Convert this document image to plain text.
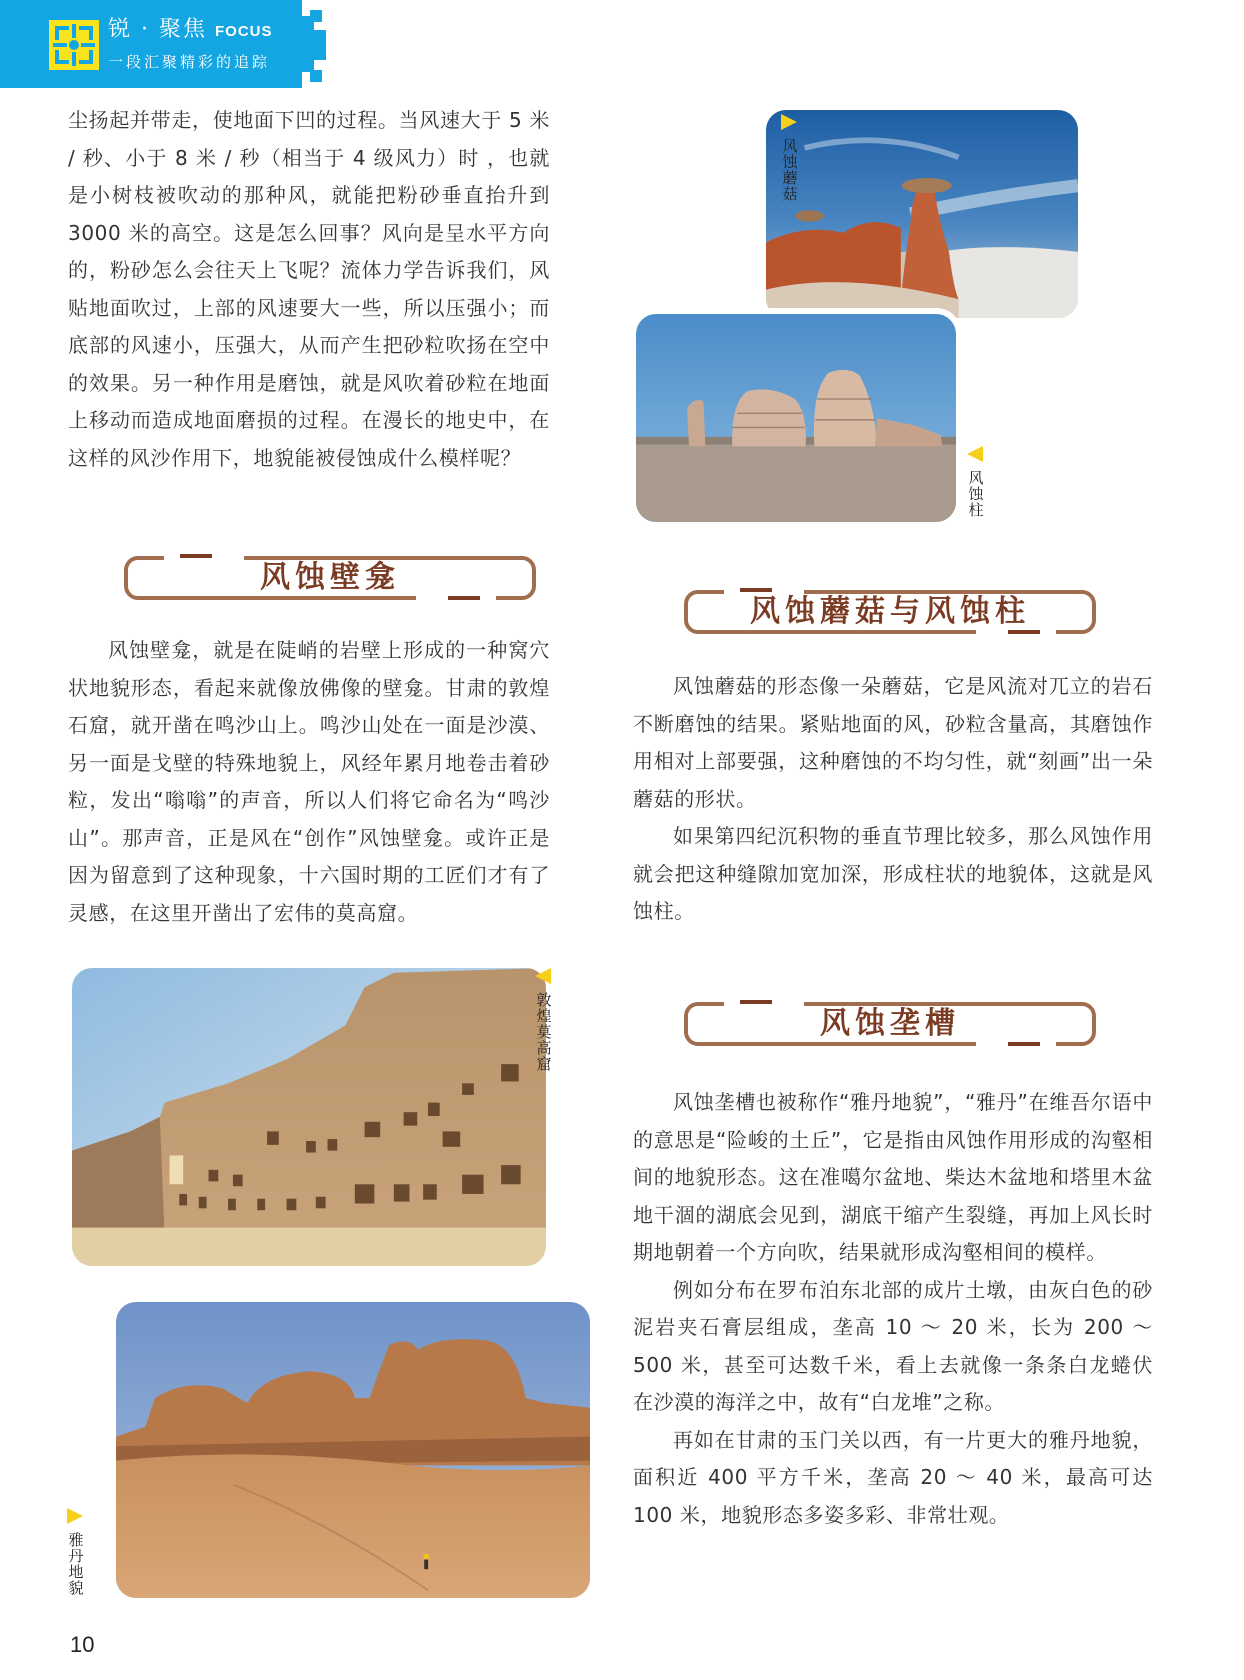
锐 · 聚焦 FOCUS
一段汇聚精彩的追踪

尘扬起并带走，使地面下凹的过程。当风速大于 5 米 / 秒、小于 8 米 / 秒（相当于 4 级风力）时 ，也就是小树枝被吹动的那种风，就能把粉砂垂直抬升到 3000 米的高空。这是怎么回事？风向是呈水平方向的，粉砂怎么会往天上飞呢？流体力学告诉我们，风贴地面吹过，上部的风速要大一些，所以压强小；而底部的风速小，压强大，从而产生把砂粒吹扬在空中的效果。另一种作用是磨蚀，就是风吹着砂粒在地面上移动而造成地面磨损的过程。在漫长的地史中，在这样的风沙作用下，地貌能被侵蚀成什么模样呢？

风蚀蘑菇
风蚀柱
风蚀壁龛

风蚀壁龛，就是在陡峭的岩壁上形成的一种窝穴状地貌形态，看起来就像放佛像的壁龛。甘肃的敦煌石窟，就开凿在鸣沙山上。鸣沙山处在一面是沙漠、另一面是戈壁的特殊地貌上，风经年累月地卷击着砂粒，发出“嗡嗡”的声音，所以人们将它命名为“鸣沙山”。那声音，正是风在“创作”风蚀壁龛。或许正是因为留意到了这种现象，十六国时期的工匠们才有了灵感，在这里开凿出了宏伟的莫高窟。

风蚀蘑菇与风蚀柱

风蚀蘑菇的形态像一朵蘑菇，它是风流对兀立的岩石不断磨蚀的结果。紧贴地面的风，砂粒含量高，其磨蚀作用相对上部要强，这种磨蚀的不均匀性，就“刻画”出一朵蘑菇的形状。

如果第四纪沉积物的垂直节理比较多，那么风蚀作用就会把这种缝隙加宽加深，形成柱状的地貌体，这就是风蚀柱。

敦煌莫高窟	风蚀垄槽

风蚀垄槽也被称作“雅丹地貌”，“雅丹”在维吾尔语中的意思是“险峻的土丘”，它是指由风蚀作用形成的沟壑相间的地貌形态。这在准噶尔盆地、柴达木盆地和塔里木盆地干涸的湖底会见到，湖底干缩产生裂缝，再加上风长时期地朝着一个方向吹，结果就形成沟壑相间的模样。

例如分布在罗布泊东北部的成片土墩，由灰白色的砂泥岩夹石膏层组成，垄高 10 ～ 20 米，长为 200 ～ 500 米，甚至可达数千米，看上去就像一条条白龙蜷伏在沙漠的海洋之中，故有“白龙堆”之称。

再如在甘肃的玉门关以西，有一片更大的雅丹地貌，面积近 400 平方千米，垄高 20 ～ 40 米，最高可达 100 米，地貌形态多姿多彩、非常壮观。

雅丹地貌
10
